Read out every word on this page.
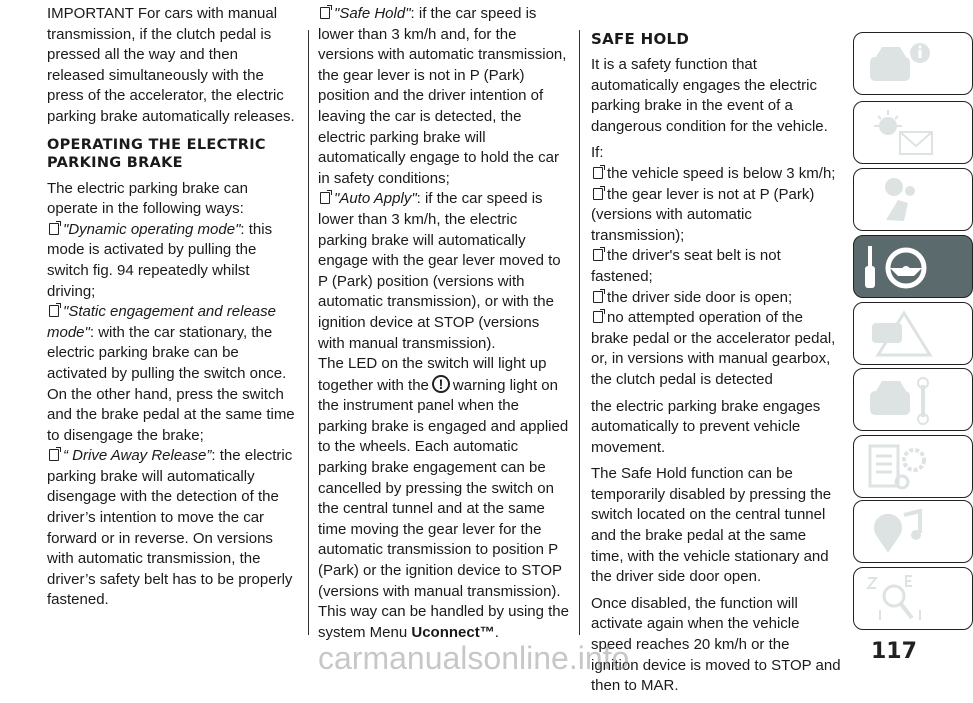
IMPORTANT For cars with manual transmission, if the clutch pedal is pressed all the way and then released simultaneously with the press of the accelerator, the electric parking brake automatically releases.

OPERATING THE ELECTRIC PARKING BRAKE

The electric parking brake can operate in the following ways:

"Dynamic operating mode": this mode is activated by pulling the switch fig. 94 repeatedly whilst driving;
"Static engagement and release mode": with the car stationary, the electric parking brake can be activated by pulling the switch once. On the other hand, press the switch and the brake pedal at the same time to disengage the brake;
“ Drive Away Release”: the electric parking brake will automatically disengage with the detection of the driver’s intention to move the car forward or in reverse. On versions with automatic transmission, the driver’s safety belt has to be properly fastened.
"Safe Hold": if the car speed is lower than 3 km/h and, for the versions with automatic transmission, the gear lever is not in P (Park) position and the driver intention of leaving the car is detected, the electric parking brake will automatically engage to hold the car in safety conditions;
"Auto Apply": if the car speed is lower than 3 km/h, the electric parking brake will automatically engage with the gear lever moved to P (Park) position (versions with automatic transmission), or with the ignition device at STOP (versions with manual transmission).

The LED on the switch will light up together with the ! warning light on the instrument panel when the parking brake is engaged and applied to the wheels. Each automatic parking brake engagement can be cancelled by pressing the switch on the central tunnel and at the same time moving the gear lever for the automatic transmission to position P (Park) or the ignition device to STOP (versions with manual transmission). This way can be handled by using the system Menu Uconnect™.

SAFE HOLD

It is a safety function that automatically engages the electric parking brake in the event of a dangerous condition for the vehicle.

If:

the vehicle speed is below 3 km/h;
the gear lever is not at P (Park) (versions with automatic transmission);
the driver's seat belt is not fastened;
the driver side door is open;
no attempted operation of the brake pedal or the accelerator pedal, or, in versions with manual gearbox, the clutch pedal is detected

the electric parking brake engages automatically to prevent vehicle movement.

The Safe Hold function can be temporarily disabled by pressing the switch located on the central tunnel and the brake pedal at the same time, with the vehicle stationary and the driver side door open.

Once disabled, the function will activate again when the vehicle speed reaches 20 km/h or the ignition device is moved to STOP and then to MAR.

carmanualsonline.info	117
